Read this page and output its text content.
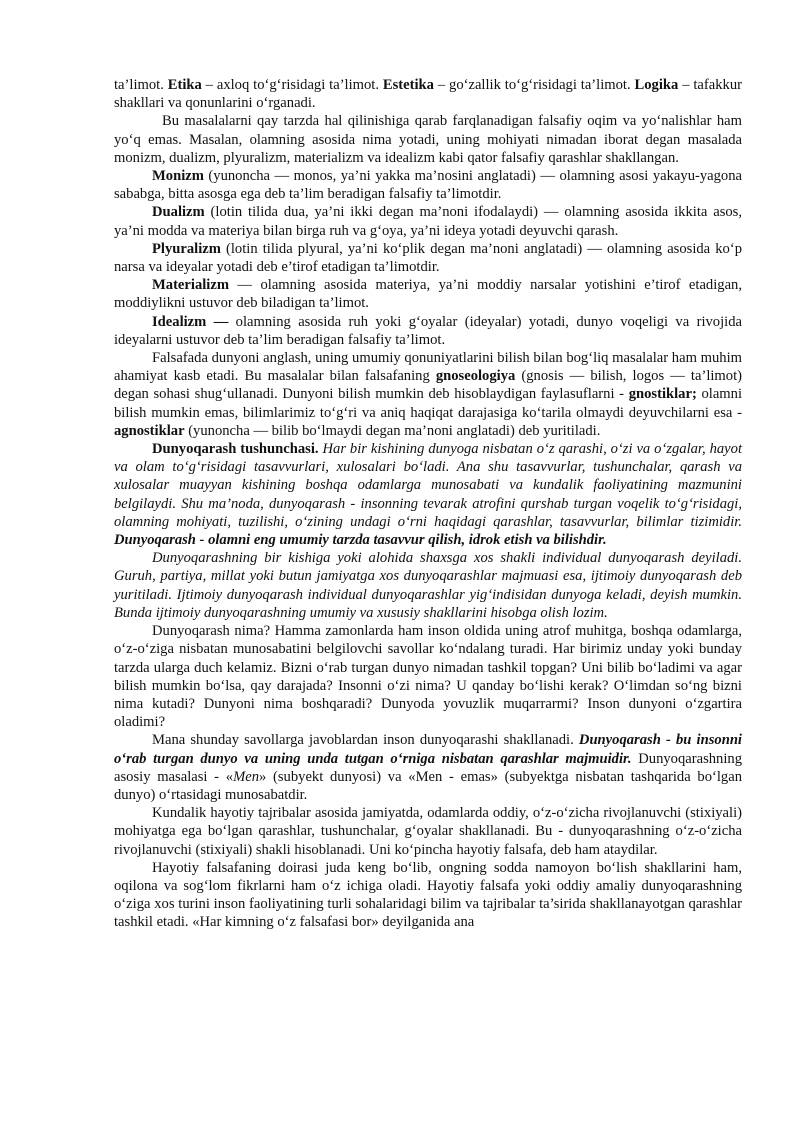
ta’limot. Etika – axloq to‘g‘risidagi ta’limot. Estetika – go‘zallik to‘g‘risidagi ta’limot. Logika – tafakkur shakllari va qonunlarini o‘rganadi.

Bu masalalarni qay tarzda hal qilinishiga qarab farqlanadigan falsafiy oqim va yo‘nalishlar ham yo‘q emas. Masalan, olamning asosida nima yotadi, uning mohiyati nimadan iborat degan masalada monizm, dualizm, plyuralizm, materializm va idealizm kabi qator falsafiy qarashlar shakllangan.

Monizm (yunoncha — monos, ya’ni yakka ma’nosini anglatadi) — olamning asosi yakayu-yagona sababga, bitta asosga ega deb ta’lim beradigan falsafiy ta’limotdir.

Dualizm (lotin tilida dua, ya’ni ikki degan ma’noni ifodalaydi) — olamning asosida ikkita asos, ya’ni modda va materiya bilan birga ruh va g‘oya, ya’ni ideya yotadi deyuvchi qarash.

Plyuralizm (lotin tilida plyural, ya’ni ko‘plik degan ma’noni anglatadi) — olamning asosida ko‘p narsa va ideyalar yotadi deb e’tirof etadigan ta’limotdir.

Materializm — olamning asosida materiya, ya’ni moddiy narsalar yotishini e’tirof etadigan, moddiylikni ustuvor deb biladigan ta’limot.

Idealizm — olamning asosida ruh yoki g‘oyalar (ideyalar) yotadi, dunyo voqeligi va rivojida ideyalarni ustuvor deb ta’lim beradigan falsafiy ta’limot.

Falsafada dunyoni anglash, uning umumiy qonuniyatlarini bilish bilan bog‘liq masalalar ham muhim ahamiyat kasb etadi. Bu masalalar bilan falsafaning gnoseologiya (gnosis — bilish, logos — ta’limot) degan sohasi shug‘ullanadi. Dunyoni bilish mumkin deb hisoblaydigan faylasuflarni - gnostiklar; olamni bilish mumkin emas, bilimlarimiz to‘g‘ri va aniq haqiqat darajasiga ko‘tarila olmaydi deyuvchilarni esa - agnostiklar (yunoncha — bilib bo‘lmaydi degan ma’noni anglatadi) deb yuritiladi.

Dunyoqarash tushunchasi. Har bir kishining dunyoga nisbatan o‘z qarashi, o‘zi va o‘zgalar, hayot va olam to‘g‘risidagi tasavvurlari, xulosalari bo‘ladi. Ana shu tasavvurlar, tushunchalar, qarash va xulosalar muayyan kishining boshqa odamlarga munosabati va kundalik faoliyatining mazmunini belgilaydi. Shu ma’noda, dunyoqarash - insonning tevarak atrofini qurshab turgan voqelik to‘g‘risidagi, olamning mohiyati, tuzilishi, o‘zining undagi o‘rni haqidagi qarashlar, tasavvurlar, bilimlar tizimidir. Dunyoqarash - olamni eng umumiy tarzda tasavvur qilish, idrok etish va bilishdir.

Dunyoqarashning bir kishiga yoki alohida shaxsga xos shakli individual dunyoqarash deyiladi. Guruh, partiya, millat yoki butun jamiyatga xos dunyoqarashlar majmuasi esa, ijtimoiy dunyoqarash deb yuritiladi. Ijtimoiy dunyoqarash individual dunyoqarashlar yig‘indisidan dunyoga keladi, deyish mumkin. Bunda ijtimoiy dunyoqarashning umumiy va xususiy shakllarini hisobga olish lozim.

Dunyoqarash nima? Hamma zamonlarda ham inson oldida uning atrof muhitga, boshqa odamlarga, o‘z-o‘ziga nisbatan munosabatini belgilovchi savollar ko‘ndalang turadi. Har birimiz unday yoki bunday tarzda ularga duch kelamiz. Bizni o‘rab turgan dunyo nimadan tashkil topgan? Uni bilib bo‘ladimi va agar bilish mumkin bo‘lsa, qay darajada? Insonni o‘zi nima? U qanday bo‘lishi kerak? O‘limdan so‘ng bizni nima kutadi? Dunyoni nima boshqaradi? Dunyoda yovuzlik muqarrarmi? Inson dunyoni o‘zgartira oladimi?

Mana shunday savollarga javoblardan inson dunyoqarashi shakllanadi. Dunyoqarash - bu insonni o‘rab turgan dunyo va uning unda tutgan o‘rniga nisbatan qarashlar majmuidir. Dunyoqarashning asosiy masalasi - «Men» (subyekt dunyosi) va «Men - emas» (subyektga nisbatan tashqarida bo‘lgan dunyo) o‘rtasidagi munosabatdir.

Kundalik hayotiy tajribalar asosida jamiyatda, odamlarda oddiy, o‘z-o‘zicha rivojlanuvchi (stixiyali) mohiyatga ega bo‘lgan qarashlar, tushunchalar, g‘oyalar shakllanadi. Bu - dunyoqarashning o‘z-o‘zicha rivojlanuvchi (stixiyali) shakli hisoblanadi. Uni ko‘pincha hayotiy falsafa, deb ham ataydilar.

Hayotiy falsafaning doirasi juda keng bo‘lib, ongning sodda namoyon bo‘lish shakllarini ham, oqilona va sog‘lom fikrlarni ham o‘z ichiga oladi. Hayotiy falsafa yoki oddiy amaliy dunyoqarashning o‘ziga xos turini inson faoliyatining turli sohalaridagi bilim va tajribalar ta’sirida shakllanayotgan qarashlar tashkil etadi. «Har kimning o‘z falsafasi bor» deyilganida ana
